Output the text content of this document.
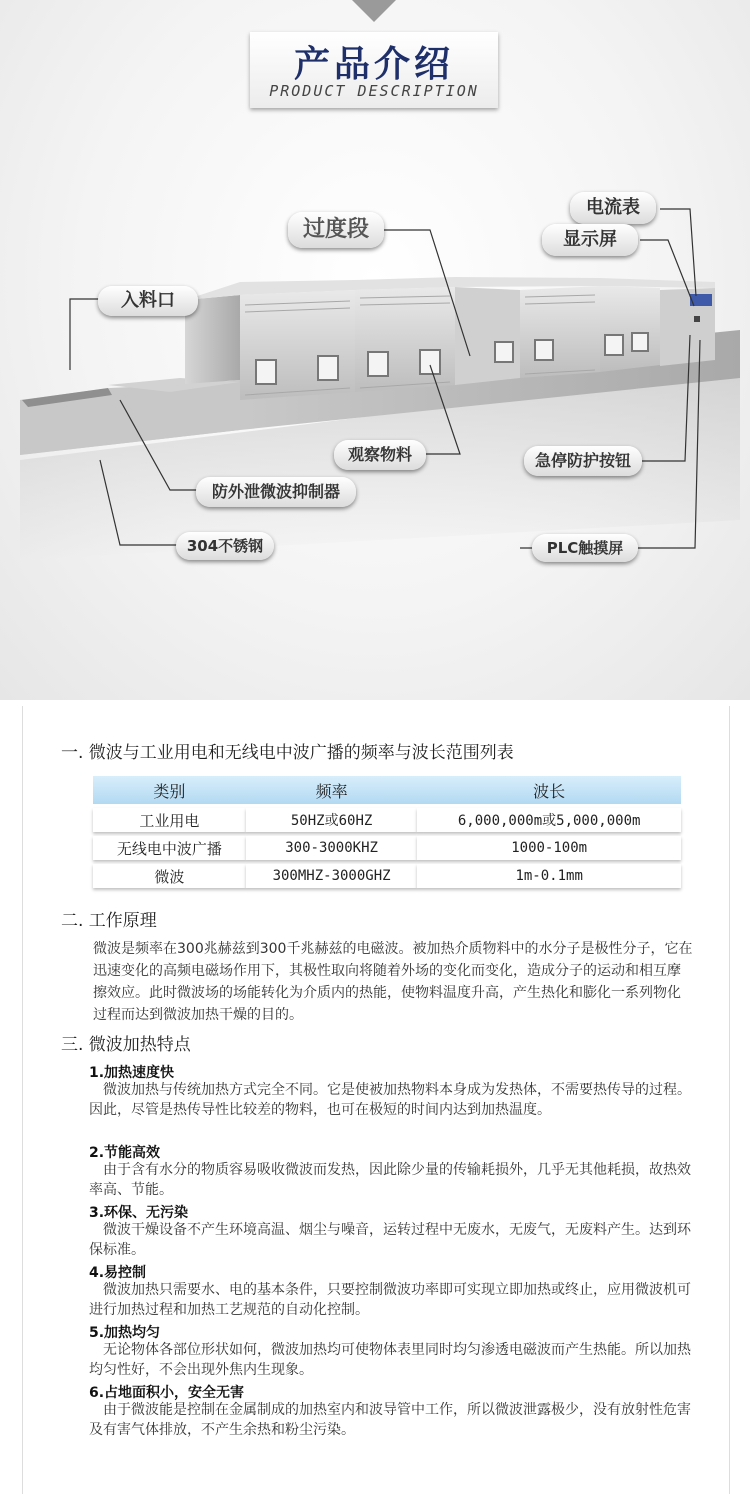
产品介绍
PRODUCT DESCRIPTION
电流表
显示屏
过度段
入料口
观察物料	急停防护按钮
防外泄微波抑制器
304不锈钢	PLC触摸屏
一. 微波与工业用电和无线电中波广播的频率与波长范围列表
类别	频率	波长
工业用电	50HZ或60HZ	6,000,000m或5,000,000m
无线电中波广播	300-3000KHZ	1000-100m
微波	300MHZ-3000GHZ	1m-0.1mm
二. 工作原理
微波是频率在300兆赫兹到300千兆赫兹的电磁波。被加热介质物料中的水分子是极性分子，它在迅速变化的高频电磁场作用下，其极性取向将随着外场的变化而变化，造成分子的运动和相互摩擦效应。此时微波场的场能转化为介质内的热能，使物料温度升高，产生热化和膨化一系列物化过程而达到微波加热干燥的目的。
三. 微波加热特点
1.加热速度快
微波加热与传统加热方式完全不同。它是使被加热物料本身成为发热体，不需要热传导的过程。因此，尽管是热传导性比较差的物料，也可在极短的时间内达到加热温度。
2.节能高效
由于含有水分的物质容易吸收微波而发热，因此除少量的传输耗损外，几乎无其他耗损，故热效率高、节能。
3.环保、无污染
微波干燥设备不产生环境高温、烟尘与噪音，运转过程中无废水，无废气，无废料产生。达到环保标准。
4.易控制
微波加热只需要水、电的基本条件，只要控制微波功率即可实现立即加热或终止，应用微波机可进行加热过程和加热工艺规范的自动化控制。
5.加热均匀
无论物体各部位形状如何，微波加热均可使物体表里同时均匀渗透电磁波而产生热能。所以加热均匀性好，不会出现外焦内生现象。
6.占地面积小，安全无害
由于微波能是控制在金属制成的加热室内和波导管中工作，所以微波泄露极少，没有放射性危害及有害气体排放，不产生余热和粉尘污染。
